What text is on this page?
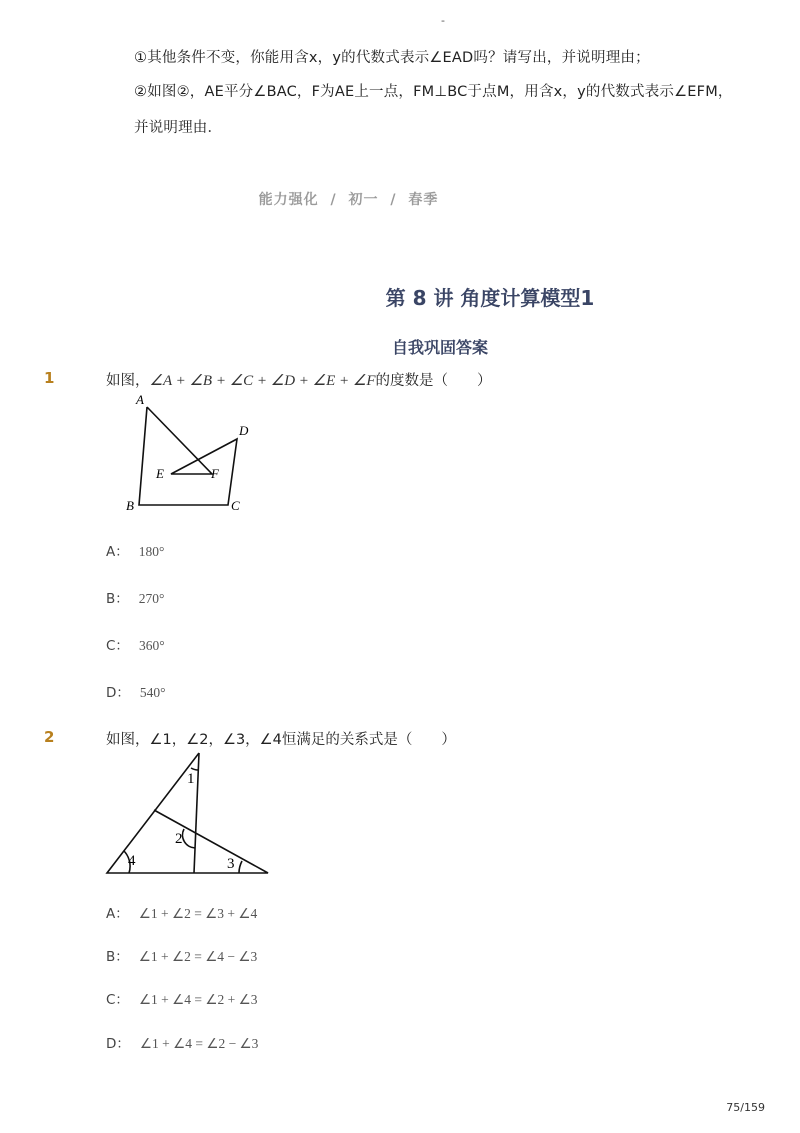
-
①其他条件不变，你能用含x，y的代数式表示∠EAD吗？请写出，并说明理由；
②如图②，AE平分∠BAC，F为AE上一点，FM⊥BC于点M，用含x，y的代数式表示∠EFM，
并说明理由．
能力强化 / 初一 / 春季
第 8 讲 角度计算模型1
自我巩固答案
1	如图，∠A + ∠B + ∠C + ∠D + ∠E + ∠F的度数是（　　）
A
D
E	F
B	C
A： 180°
B： 270°
C： 360°
D： 540°
2	如图，∠1，∠2，∠3，∠4恒满足的关系式是（　　）
1
2
3
4
A： ∠1 + ∠2 = ∠3 + ∠4
B： ∠1 + ∠2 = ∠4 − ∠3
C： ∠1 + ∠4 = ∠2 + ∠3
D： ∠1 + ∠4 = ∠2 − ∠3
75/159
